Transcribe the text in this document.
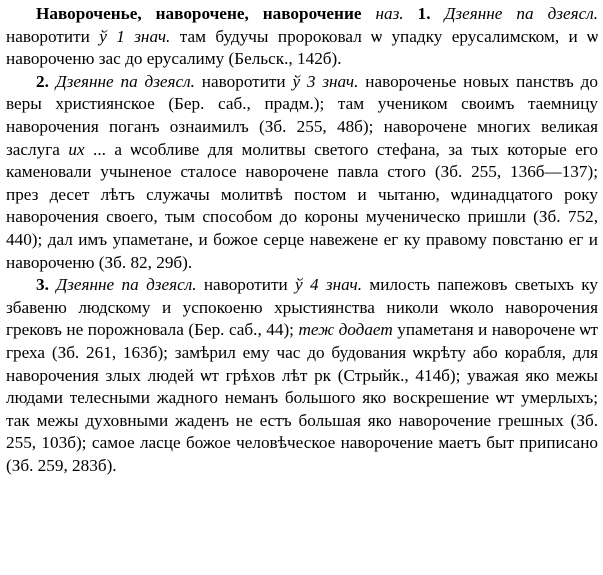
Навороченье, наворочене, наворочение наз. 1. Дзеянне па дзеясл. наворотити ў 1 знач. там будучы пророковал ѡ упадку ерусалимском, и ѡ навороченю зас до ерусалиму (Бельск., 142б).

2. Дзеянне па дзеясл. наворотити ў 3 знач. навороченье новых панствъ до веры християнское (Бер. саб., прадм.); там учеником своимъ таемницу наворочения поганъ ознаимилъ (Зб. 255, 48б); наворочене многих великая заслуга их ... а ѡсобливе для молитвы светого стефана, за тых которые его каменовали учыненое сталосе наворочене павла стого (Зб. 255, 136б—137); през десет лѣтъ служачы молитвѣ постом и чытаню, ѡдинадцатого року наворочения своего, тым способом до короны мученическо пришли (Зб. 752, 440); дал имъ упаметане, и божое серце навежене ег ку правому повстаню ег и навороченю (Зб. 82, 29б).

3. Дзеянне па дзеясл. наворотити ў 4 знач. милость папежовъ светыхъ ку збавеню людскому и успокоеню хрыстиянства николи ѡколо наворочения грековъ не порожновала (Бер. саб., 44); теж додает упаметаня и наворочене ѡт греха (Зб. 261, 163б); замѣрил ему час до будования ѡкрѣту або корабля, для наворочения злых людей ѡт грѣхов лѣт рк (Стрыйк., 414б); уважая яко межы людами телесными жадного неманъ большого яко воскрешение ѡт умерлыхъ; так межы духовными жаденъ не естъ большая яко наворочение грешных (Зб. 255, 103б); самое ласце божое человѣческое наворочение маетъ быт приписано (Зб. 259, 283б).
